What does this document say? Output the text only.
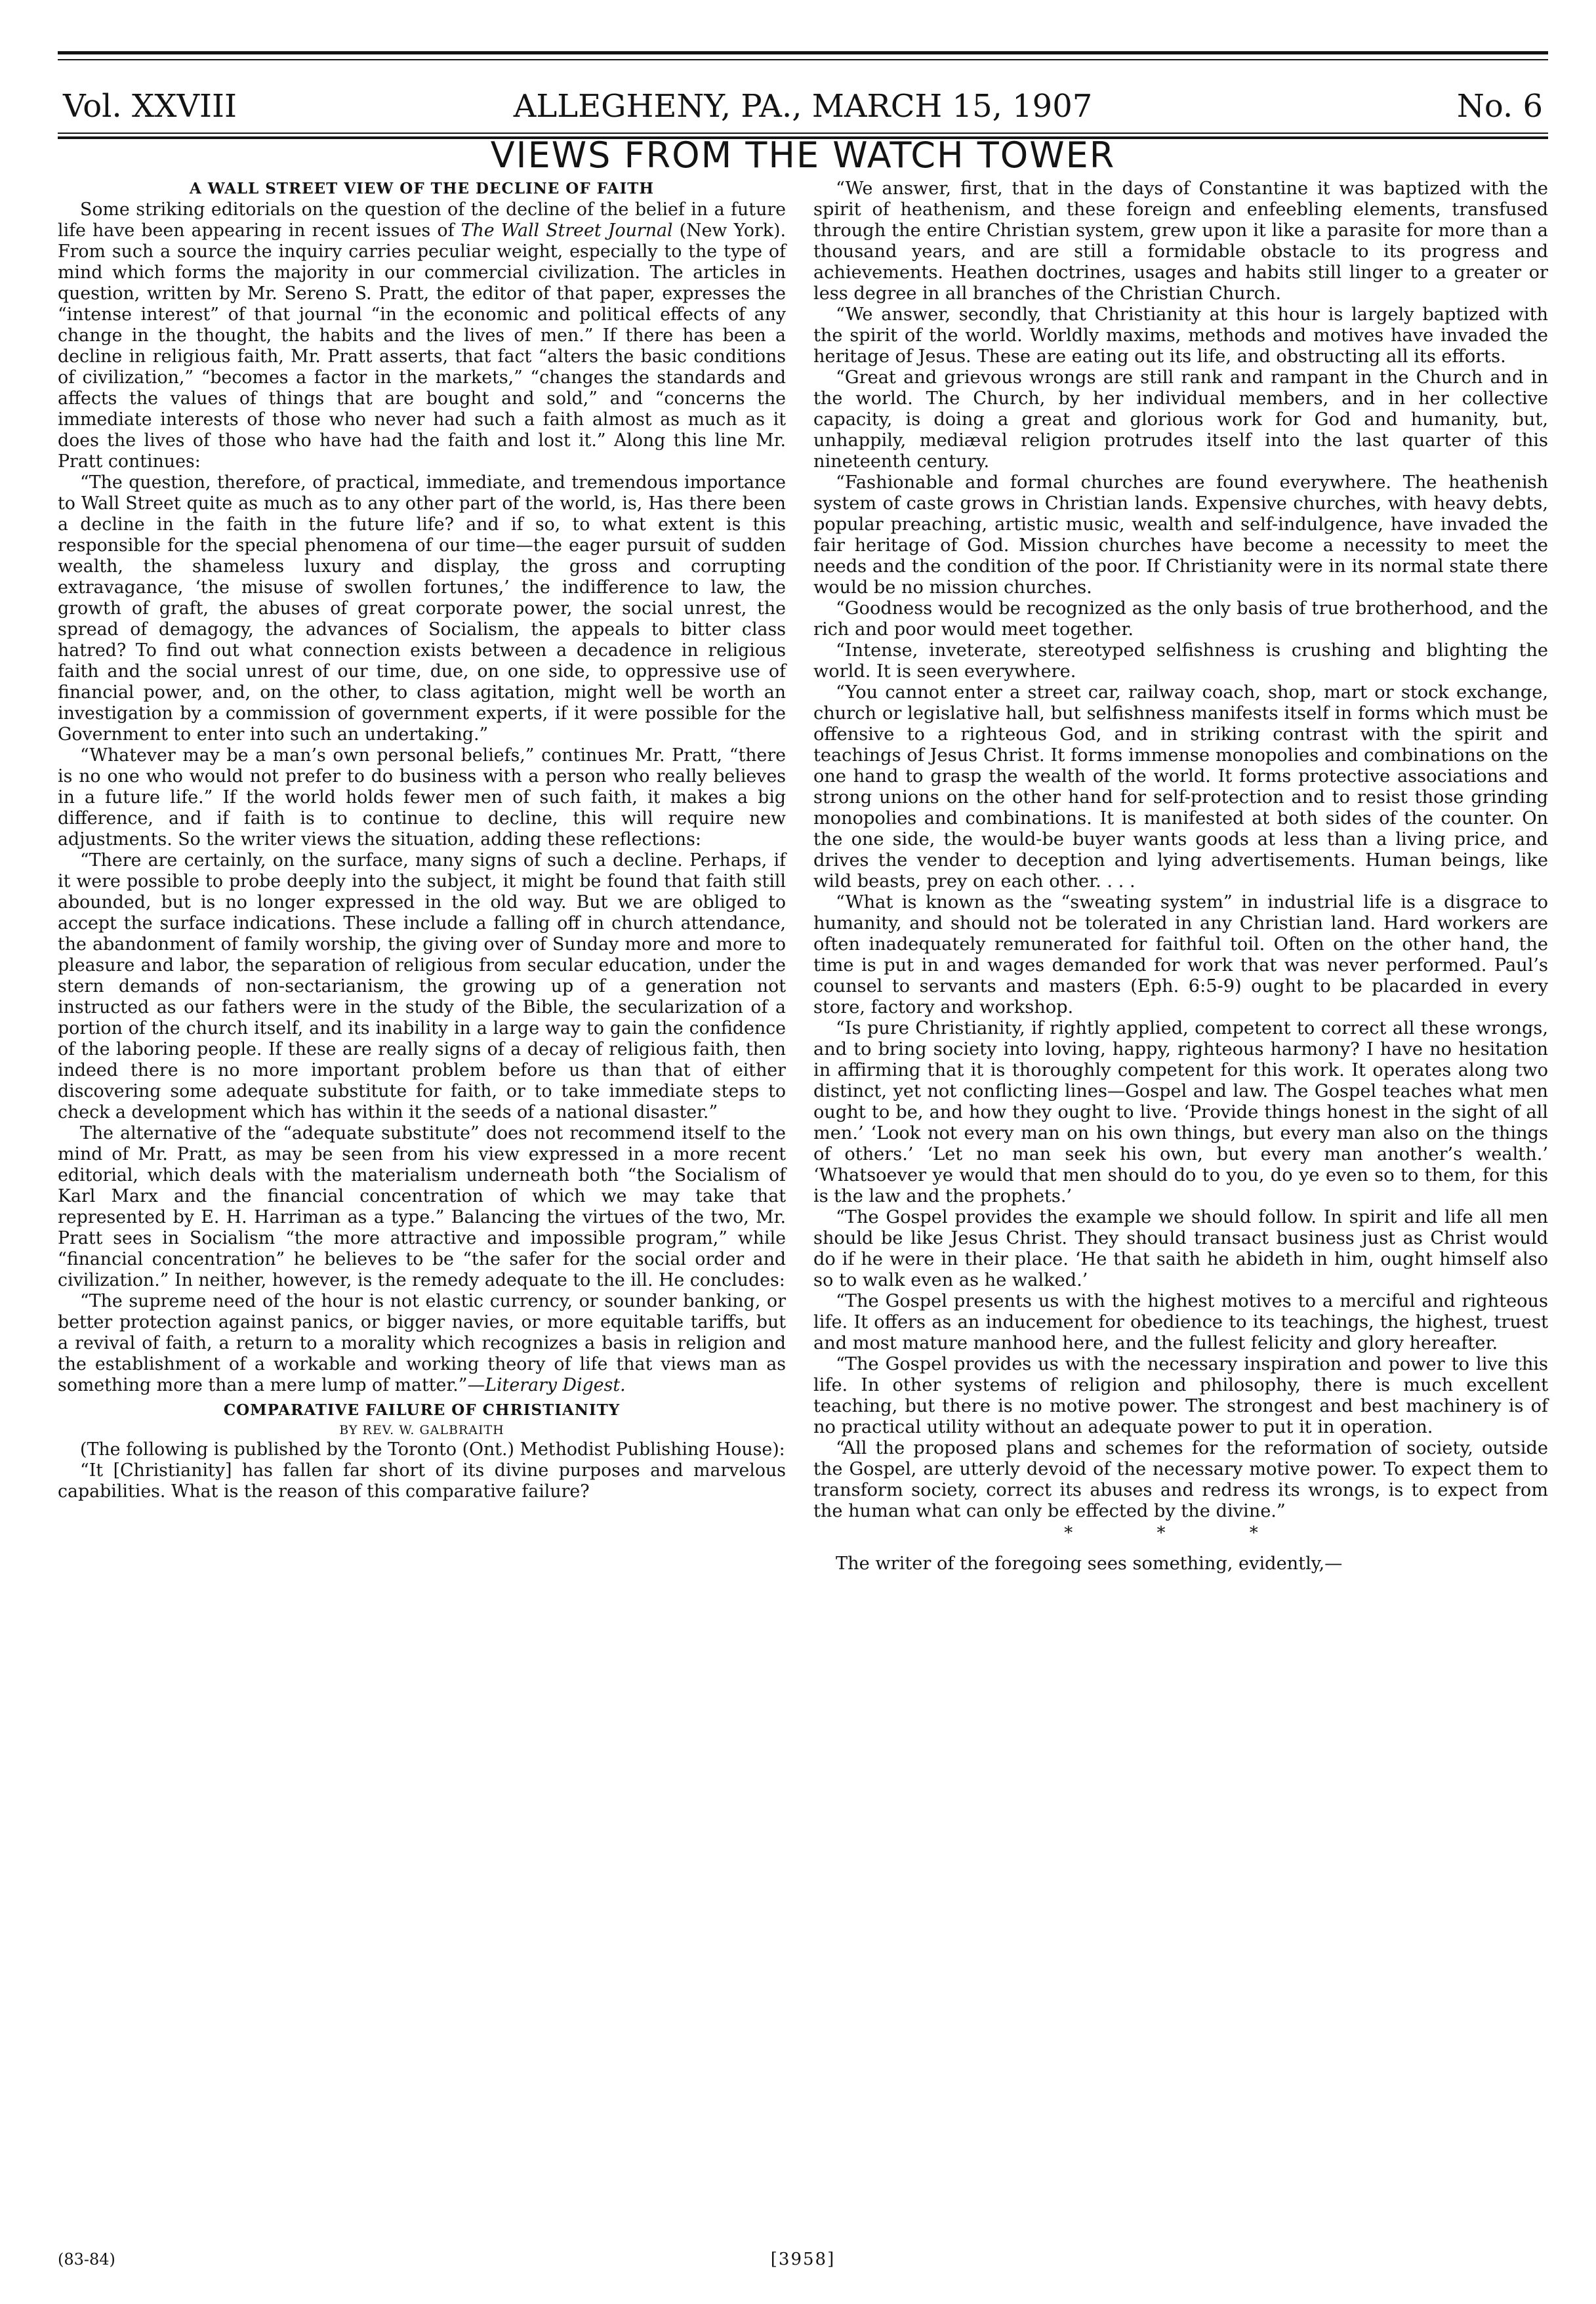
Vol. XXVIII	ALLEGHENY, PA., MARCH 15, 1907	No. 6
VIEWS FROM THE WATCH TOWER

A WALL STREET VIEW OF THE DECLINE OF FAITH

Some striking editorials on the question of the decline of the belief in a future life have been appearing in recent issues of The Wall Street Journal (New York). From such a source the inquiry carries peculiar weight, especially to the type of mind which forms the majority in our commercial civilization. The articles in question, written by Mr. Sereno S. Pratt, the editor of that paper, expresses the “intense interest” of that journal “in the economic and political effects of any change in the thought, the habits and the lives of men.” If there has been a decline in religious faith, Mr. Pratt asserts, that fact “alters the basic conditions of civilization,” “becomes a factor in the markets,” “changes the standards and affects the values of things that are bought and sold,” and “concerns the immediate interests of those who never had such a faith almost as much as it does the lives of those who have had the faith and lost it.” Along this line Mr. Pratt continues:

“The question, therefore, of practical, immediate, and tremendous importance to Wall Street quite as much as to any other part of the world, is, Has there been a decline in the faith in the future life? and if so, to what extent is this responsible for the special phenomena of our time—the eager pursuit of sudden wealth, the shameless luxury and display, the gross and corrupting extravagance, ‘the misuse of swollen fortunes,’ the indifference to law, the growth of graft, the abuses of great corporate power, the social unrest, the spread of demagogy, the advances of Socialism, the appeals to bitter class hatred? To find out what connection exists between a decadence in religious faith and the social unrest of our time, due, on one side, to oppressive use of financial power, and, on the other, to class agitation, might well be worth an investigation by a commission of government experts, if it were possible for the Government to enter into such an undertaking.”

“Whatever may be a man’s own personal beliefs,” continues Mr. Pratt, “there is no one who would not prefer to do business with a person who really believes in a future life.” If the world holds fewer men of such faith, it makes a big difference, and if faith is to continue to decline, this will require new adjustments. So the writer views the situation, adding these reflections:

“There are certainly, on the surface, many signs of such a decline. Perhaps, if it were possible to probe deeply into the subject, it might be found that faith still abounded, but is no longer expressed in the old way. But we are obliged to accept the surface indications. These include a falling off in church attendance, the abandonment of family worship, the giving over of Sunday more and more to pleasure and labor, the separation of religious from secular education, under the stern demands of non-sectarianism, the growing up of a generation not instructed as our fathers were in the study of the Bible, the secularization of a portion of the church itself, and its inability in a large way to gain the confidence of the laboring people. If these are really signs of a decay of religious faith, then indeed there is no more important problem before us than that of either discovering some adequate substitute for faith, or to take immediate steps to check a development which has within it the seeds of a national disaster.”

The alternative of the “adequate substitute” does not recommend itself to the mind of Mr. Pratt, as may be seen from his view expressed in a more recent editorial, which deals with the materialism underneath both “the Socialism of Karl Marx and the financial concentration of which we may take that represented by E. H. Harriman as a type.” Balancing the virtues of the two, Mr. Pratt sees in Socialism “the more attractive and impossible program,” while “financial concentration” he believes to be “the safer for the social order and civilization.” In neither, however, is the remedy adequate to the ill. He concludes:

“The supreme need of the hour is not elastic currency, or sounder banking, or better protection against panics, or bigger navies, or more equitable tariffs, but a revival of faith, a return to a morality which recognizes a basis in religion and the establishment of a workable and working theory of life that views man as something more than a mere lump of matter.”—Literary Digest.

COMPARATIVE FAILURE OF CHRISTIANITY

BY REV. W. GALBRAITH

(The following is published by the Toronto (Ont.) Methodist Publishing House):

“It [Christianity] has fallen far short of its divine purposes and marvelous capabilities. What is the reason of this comparative failure?

“We answer, first, that in the days of Constantine it was baptized with the spirit of heathenism, and these foreign and enfeebling elements, transfused through the entire Christian system, grew upon it like a parasite for more than a thousand years, and are still a formidable obstacle to its progress and achievements. Heathen doctrines, usages and habits still linger to a greater or less degree in all branches of the Christian Church.

“We answer, secondly, that Christianity at this hour is largely baptized with the spirit of the world. Worldly maxims, methods and motives have invaded the heritage of Jesus. These are eating out its life, and obstructing all its efforts.

“Great and grievous wrongs are still rank and rampant in the Church and in the world. The Church, by her individual members, and in her collective capacity, is doing a great and glorious work for God and humanity, but, unhappily, mediæval religion protrudes itself into the last quarter of this nineteenth century.

“Fashionable and formal churches are found everywhere. The heathenish system of caste grows in Christian lands. Expensive churches, with heavy debts, popular preaching, artistic music, wealth and self-indulgence, have invaded the fair heritage of God. Mission churches have become a necessity to meet the needs and the condition of the poor. If Christianity were in its normal state there would be no mission churches.

“Goodness would be recognized as the only basis of true brotherhood, and the rich and poor would meet together.

“Intense, inveterate, stereotyped selfishness is crushing and blighting the world. It is seen everywhere.

“You cannot enter a street car, railway coach, shop, mart or stock exchange, church or legislative hall, but selfishness manifests itself in forms which must be offensive to a righteous God, and in striking contrast with the spirit and teachings of Jesus Christ. It forms immense monopolies and combinations on the one hand to grasp the wealth of the world. It forms protective associations and strong unions on the other hand for self-protection and to resist those grinding monopolies and combinations. It is manifested at both sides of the counter. On the one side, the would-be buyer wants goods at less than a living price, and drives the vender to deception and lying advertisements. Human beings, like wild beasts, prey on each other. . . .

“What is known as the “sweating system” in industrial life is a disgrace to humanity, and should not be tolerated in any Christian land. Hard workers are often inadequately remunerated for faithful toil. Often on the other hand, the time is put in and wages demanded for work that was never performed. Paul’s counsel to servants and masters (Eph. 6:5-9) ought to be placarded in every store, factory and workshop.

“Is pure Christianity, if rightly applied, competent to correct all these wrongs, and to bring society into loving, happy, righteous harmony? I have no hesitation in affirming that it is thoroughly competent for this work. It operates along two distinct, yet not conflicting lines—Gospel and law. The Gospel teaches what men ought to be, and how they ought to live. ‘Provide things honest in the sight of all men.’ ‘Look not every man on his own things, but every man also on the things of others.’ ‘Let no man seek his own, but every man another’s wealth.’ ‘Whatsoever ye would that men should do to you, do ye even so to them, for this is the law and the prophets.’

“The Gospel provides the example we should follow. In spirit and life all men should be like Jesus Christ. They should transact business just as Christ would do if he were in their place. ‘He that saith he abideth in him, ought himself also so to walk even as he walked.’

“The Gospel presents us with the highest motives to a merciful and righteous life. It offers as an inducement for obedience to its teachings, the highest, truest and most mature manhood here, and the fullest felicity and glory hereafter.

“The Gospel provides us with the necessary inspiration and power to live this life. In other systems of religion and philosophy, there is much excellent teaching, but there is no motive power. The strongest and best machinery is of no practical utility without an adequate power to put it in operation.

“All the proposed plans and schemes for the reformation of society, outside the Gospel, are utterly devoid of the necessary motive power. To expect them to transform society, correct its abuses and redress its wrongs, is to expect from the human what can only be effected by the divine.”

* * *

The writer of the foregoing sees something, evidently,—

(83-84)	[3958]
